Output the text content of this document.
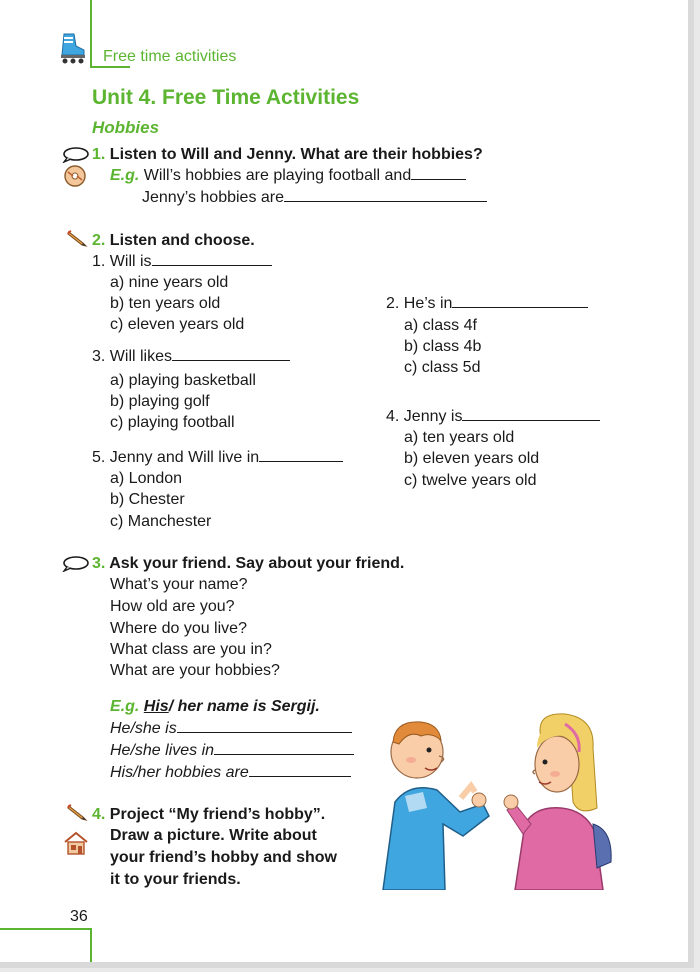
Free time activities
Unit 4. Free Time Activities
Hobbies
1. Listen to Will and Jenny. What are their hobbies?
E.g. Will’s hobbies are playing football and
Jenny’s hobbies are
2. Listen and choose.
1. Will is
a) nine years old
b) ten years old
c) eleven years old
2. He’s in
a) class 4f
b) class 4b
c) class 5d
3. Will likes
a) playing basketball
b) playing golf
c) playing football	4. Jenny is
a) ten years old
b) eleven years old
c) twelve years old
5. Jenny and Will live in
a) London
b) Chester
c) Manchester
3. Ask your friend. Say about your friend.
What’s your name?
How old are you?
Where do you live?
What class are you in?
What are your hobbies?
E.g. His/ her name is Sergij.
He/she is
He/she lives in
His/her hobbies are
4. Project “My friend’s hobby”.
Draw a picture. Write about
your friend’s hobby and show
it to your friends.
36
